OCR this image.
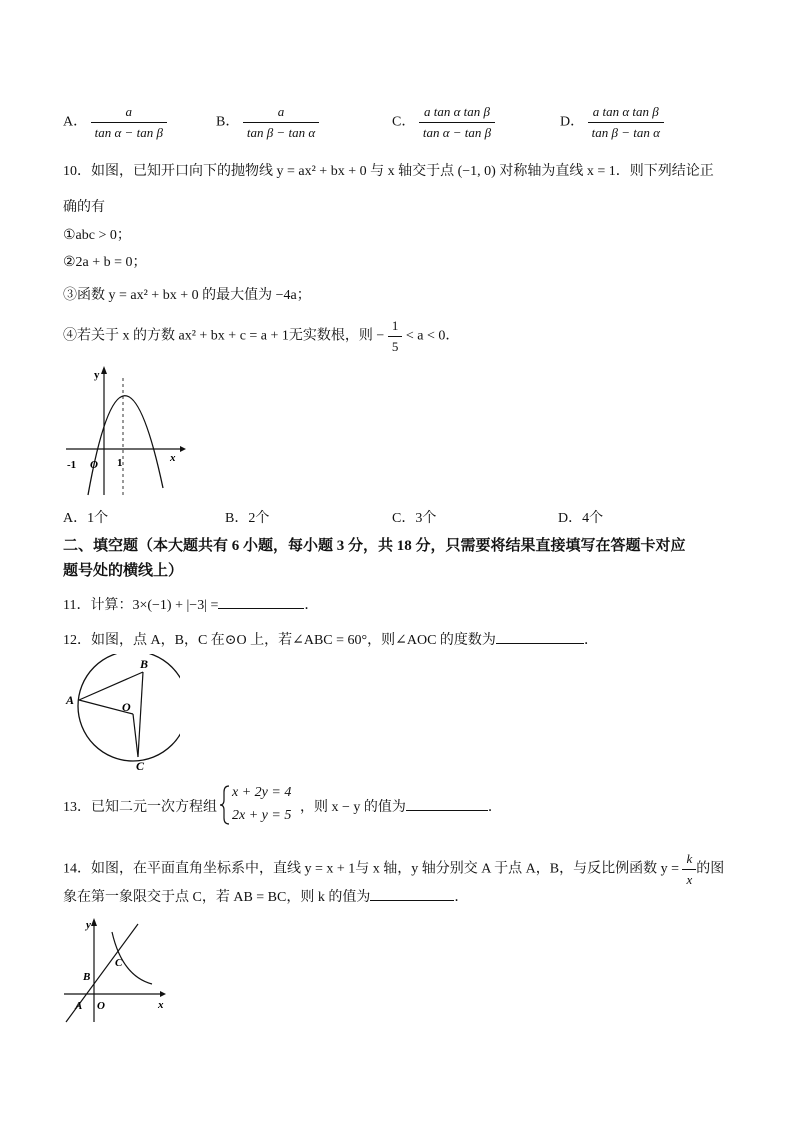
A． $\frac{a}{\text{tan α − tan β}}$	B． $\frac{a}{\text{tan β − tan α}}$	C． $\frac{\text{a tan α tan β}}{\text{tan α − tan β}}$	D． $\frac{\text{a tan α tan β}}{\text{tan β − tan α}}$
10．如图，已知开口向下的抛物线 y = ax² + bx + 0 与 x 轴交于点 (−1, 0) 对称轴为直线 x = 1．则下列结论正
确的有
①abc > 0；
②2a + b = 0；
③函数 y = ax² + bx + 0 的最大值为 −4a；
④若关于 x 的方数 ax² + bx + c = a + 1无实数根，则 − $\frac{1}{5} < a < 0$．
y
x
-1 O 1
A．1个	B．2个	C．3个	D．4个
二、填空题（本大题共有 6 小题，每小题 3 分，共 18 分，只需要将结果直接填写在答题卡对应
题号处的横线上）
11．计算：3×(−1) + |−3| =	．
12．如图，点 A，B，C 在⊙O 上，若∠ABC = 60°，则∠AOC 的度数为	．
A
B
C
O
13．已知二元一次方程组
x + 2y = 4
2x + y = 5
，则 x − y 的值为	．
14．如图，在平面直角坐标系中，直线 y = x + 1与 x 轴，y 轴分别交 A 于点 A，B，与反比例函数 $y = \frac{k}{x}$ 的图
象在第一象限交于点 C，若 AB = BC，则 k 的值为	．
y
x
A
B
C
O
